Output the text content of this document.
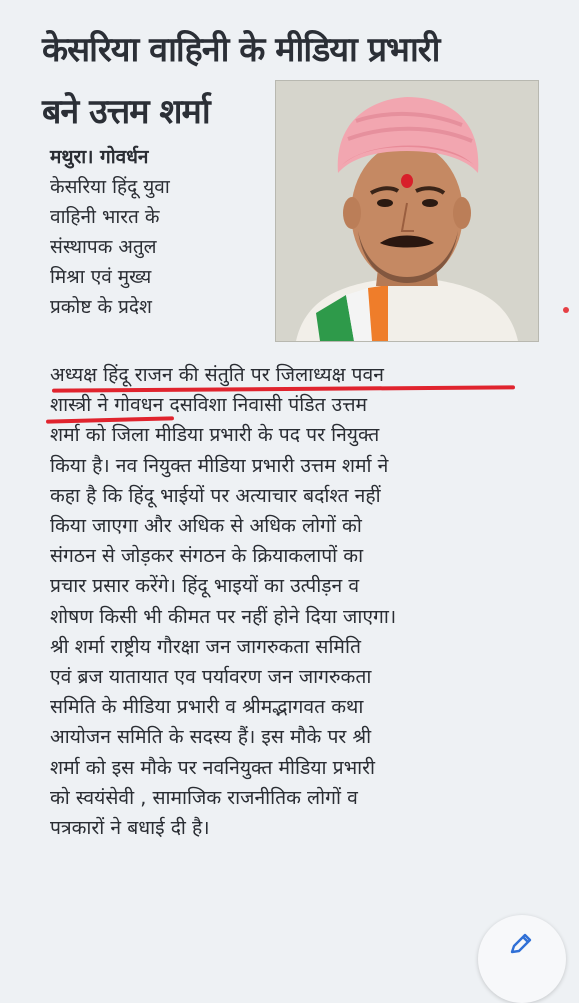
केसरिया वाहिनी के मीडिया प्रभारी
बने उत्तम शर्मा
मथुरा। गोवर्धन
केसरिया हिंदू युवा
वाहिनी भारत के
संस्थापक अतुल
मिश्रा एवं मुख्य
प्रकोष्ट के प्रदेश
अध्यक्ष हिंदू राजन की संतुति पर जिलाध्यक्ष पवन
शास्त्री ने गोवधन दसविशा निवासी पंडित उत्तम
शर्मा को जिला मीडिया प्रभारी के पद पर नियुक्त
किया है। नव नियुक्त मीडिया प्रभारी उत्तम शर्मा ने
कहा है कि हिंदू भाईयों पर अत्याचार बर्दाश्त नहीं
किया जाएगा और अधिक से अधिक लोगों को
संगठन से जोड़कर संगठन के क्रियाकलापों का
प्रचार प्रसार करेंगे। हिंदू भाइयों का उत्पीड़न व
शोषण किसी भी कीमत पर नहीं होने दिया जाएगा।
श्री शर्मा राष्ट्रीय गौरक्षा जन जागरुकता समिति
एवं ब्रज यातायात एव पर्यावरण जन जागरुकता
समिति के मीडिया प्रभारी व श्रीमद्भागवत कथा
आयोजन समिति के सदस्य हैं। इस मौके पर श्री
शर्मा को इस मौके पर नवनियुक्त मीडिया प्रभारी
को स्वयंसेवी , सामाजिक राजनीतिक लोगों व
पत्रकारों ने बधाई दी है।
